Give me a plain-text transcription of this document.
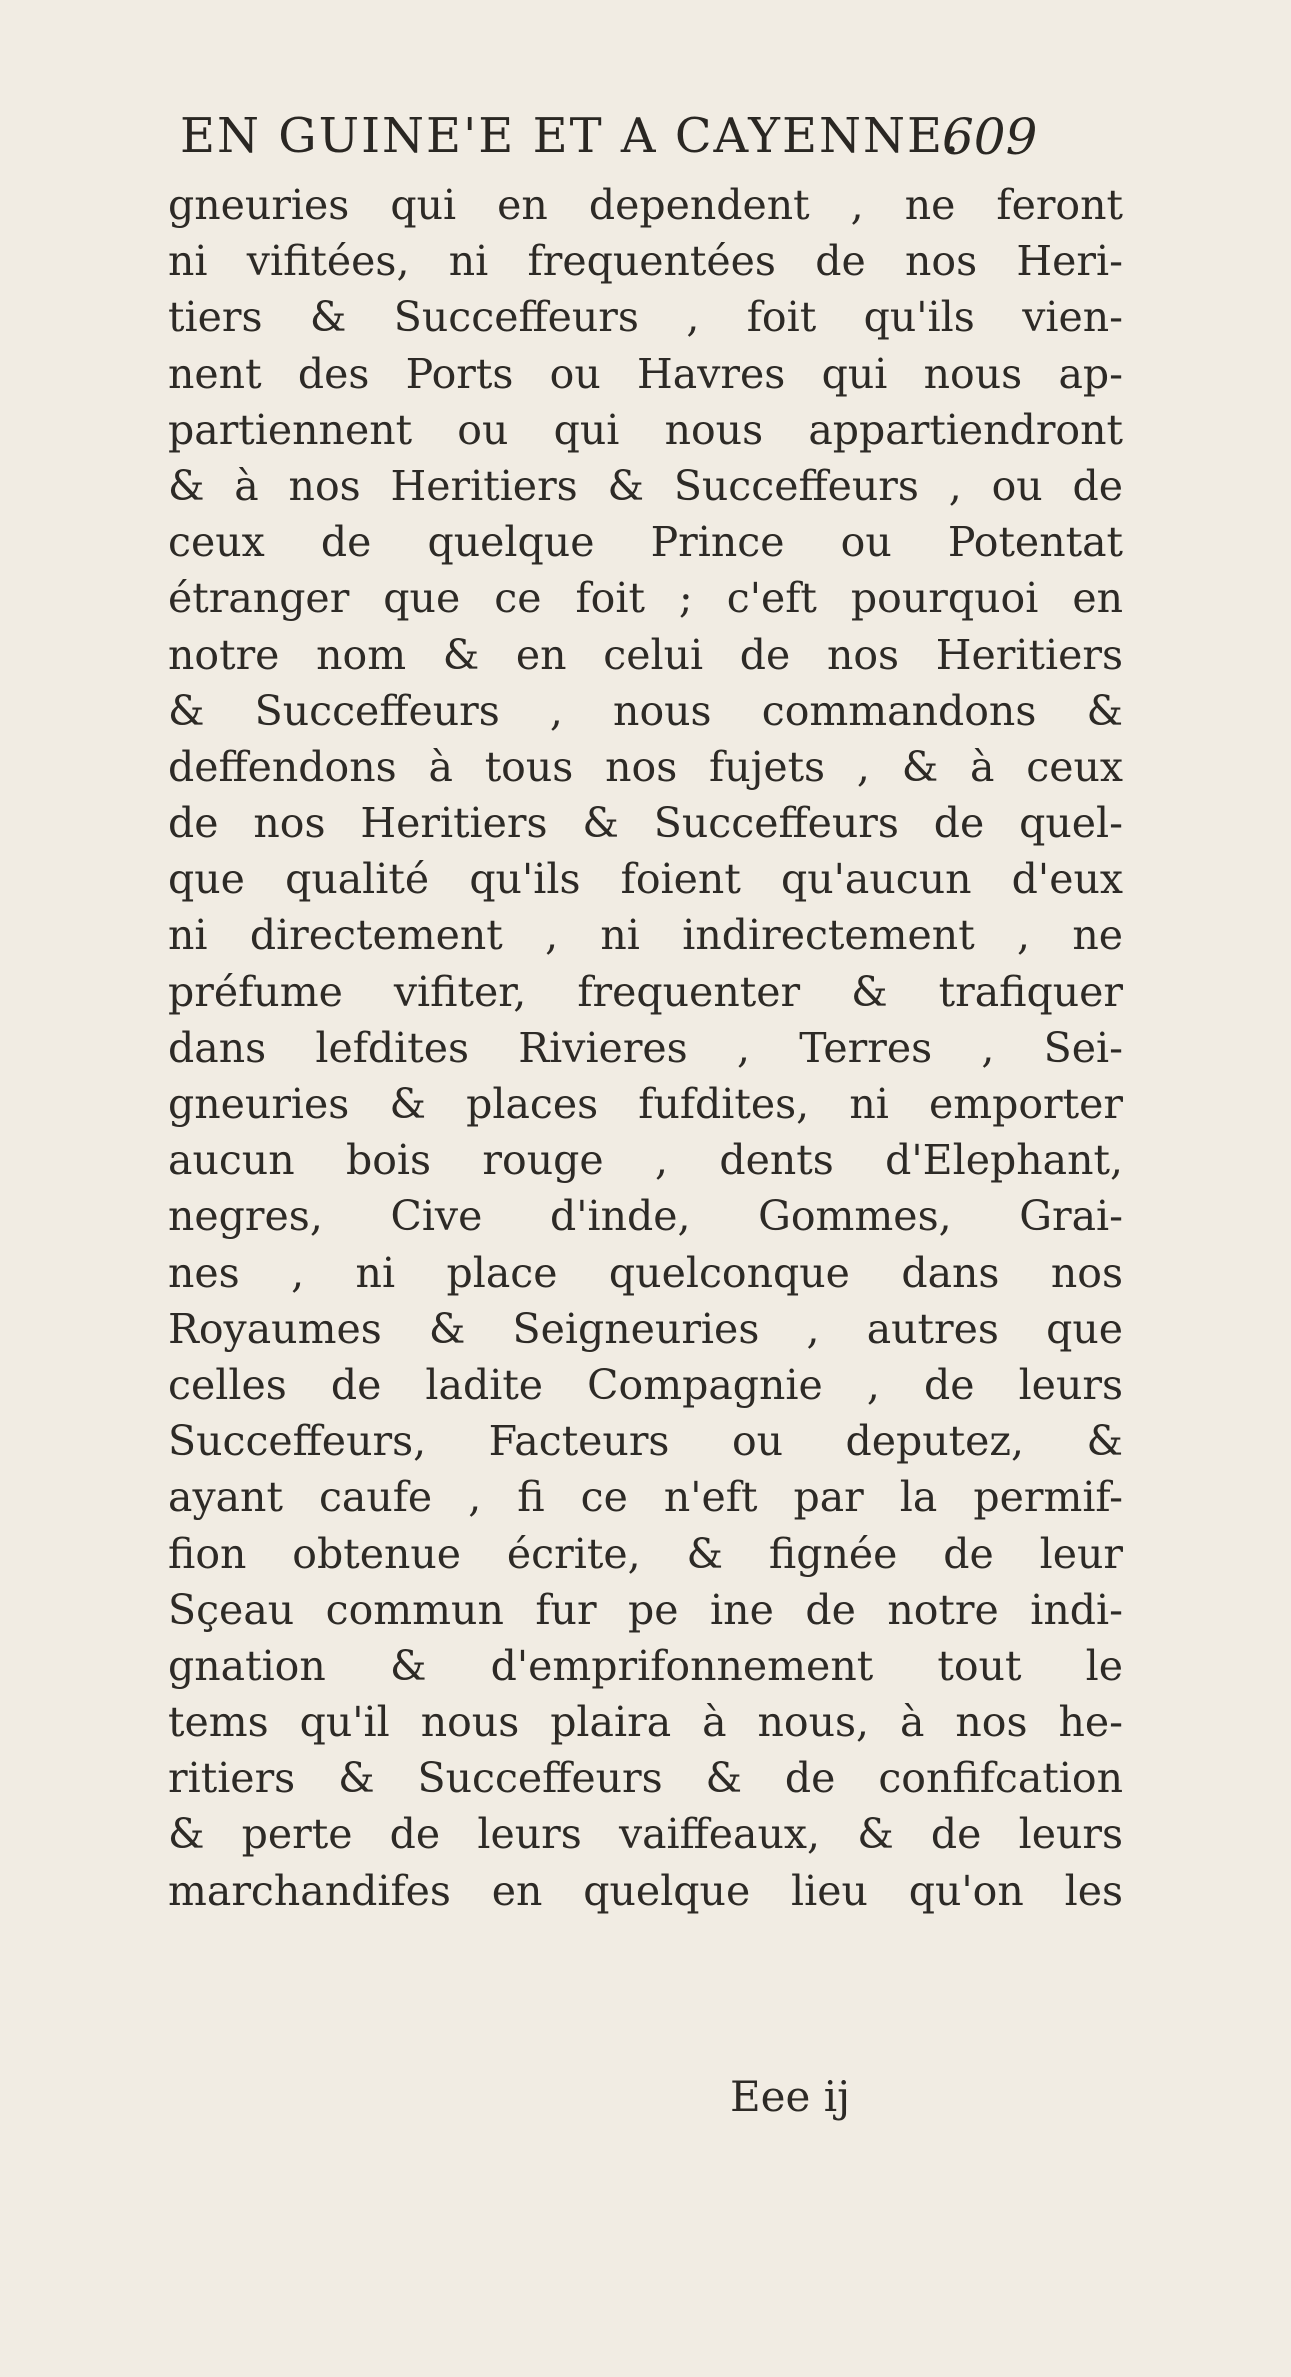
EN GUINE'E ET A CAYENNE.
609
gneuries qui en dependent , ne feront
ni vifitées, ni frequentées de nos Heri-
tiers & Succeffeurs , foit qu'ils vien-
nent des Ports ou Havres qui nous ap-
partiennent ou qui nous appartiendront
& à nos Heritiers & Succeffeurs , ou de
ceux de quelque Prince ou Potentat
étranger que ce foit ; c'eft pourquoi en
notre nom & en celui de nos Heritiers
& Succeffeurs , nous commandons &
deffendons à tous nos fujets , & à ceux
de nos Heritiers & Succeffeurs de quel-
que qualité qu'ils foient qu'aucun d'eux
ni directement , ni indirectement , ne
préfume vifiter, frequenter & trafiquer
dans lefdites Rivieres , Terres , Sei-
gneuries & places fufdites, ni emporter
aucun bois rouge , dents d'Elephant,
negres, Cive d'inde, Gommes, Grai-
nes , ni place quelconque dans nos
Royaumes & Seigneuries , autres que
celles de ladite Compagnie , de leurs
Succeffeurs, Facteurs ou deputez, &
ayant caufe , fi ce n'eft par la permif-
fion obtenue écrite, & fignée de leur
Sçeau commun fur pe ine de notre indi-
gnation & d'emprifonnement tout le
tems qu'il nous plaira à nous, à nos he-
ritiers & Succeffeurs & de confifcation
& perte de leurs vaiffeaux, & de leurs
marchandifes en quelque lieu qu'on les
Eee ij
